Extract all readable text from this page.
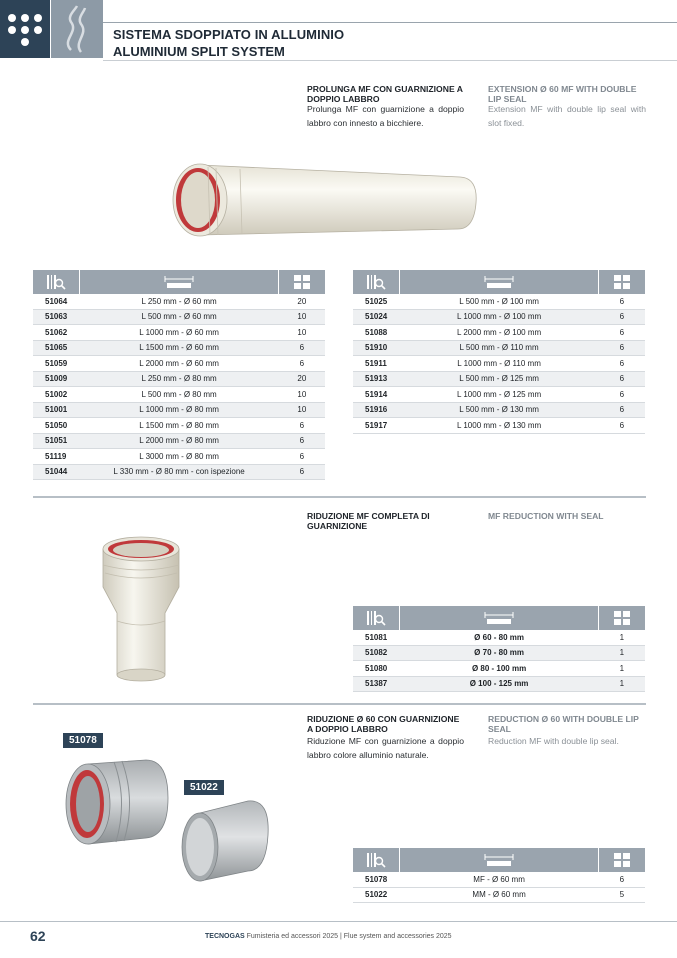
SISTEMA SDOPPIATO IN ALLUMINIO
ALUMINIUM SPLIT SYSTEM
PROLUNGA MF CON GUARNIZIONE A DOPPIO LABBRO
Prolunga MF con guarnizione a doppio labbro con innesto a bicchiere.
EXTENSION Ø 60 MF WITH DOUBLE LIP SEAL
Extension MF with double lip seal with slot fixed.

51064	L 250 mm - Ø 60 mm	20
51063	L 500 mm - Ø 60 mm	10
51062	L 1000 mm - Ø 60 mm	10
51065	L 1500 mm - Ø 60 mm	6
51059	L 2000 mm - Ø 60 mm	6
51009	L 250 mm - Ø 80 mm	20
51002	L 500 mm - Ø 80 mm	10
51001	L 1000 mm - Ø 80 mm	10
51050	L 1500 mm - Ø 80 mm	6
51051	L 2000 mm - Ø 80 mm	6
51119	L 3000 mm - Ø 80 mm	6
51044	L 330 mm - Ø 80 mm - con ispezione	6

51025	L 500 mm - Ø 100 mm	6
51024	L 1000 mm - Ø 100 mm	6
51088	L 2000 mm - Ø 100 mm	6
51910	L 500 mm - Ø 110 mm	6
51911	L 1000 mm - Ø 110 mm	6
51913	L 500 mm - Ø 125 mm	6
51914	L 1000 mm - Ø 125 mm	6
51916	L 500 mm - Ø 130 mm	6
51917	L 1000 mm - Ø 130 mm	6
RIDUZIONE MF COMPLETA DI GUARNIZIONE
MF REDUCTION WITH SEAL

51081	Ø 60 - 80 mm	1
51082	Ø 70 - 80 mm	1
51080	Ø 80 - 100 mm	1
51387	Ø 100 - 125 mm	1
RIDUZIONE Ø 60 CON GUARNIZIONE A DOPPIO LABBRO
Riduzione MF con guarnizione a doppio labbro colore alluminio naturale.
REDUCTION Ø 60 WITH DOUBLE LIP SEAL
Reduction MF with double lip seal.
51078
51022

51078	MF - Ø 60 mm	6
51022	MM - Ø 60 mm	5
62	TECNOGAS Fumisteria ed accessori 2025 | Flue system and accessories 2025
